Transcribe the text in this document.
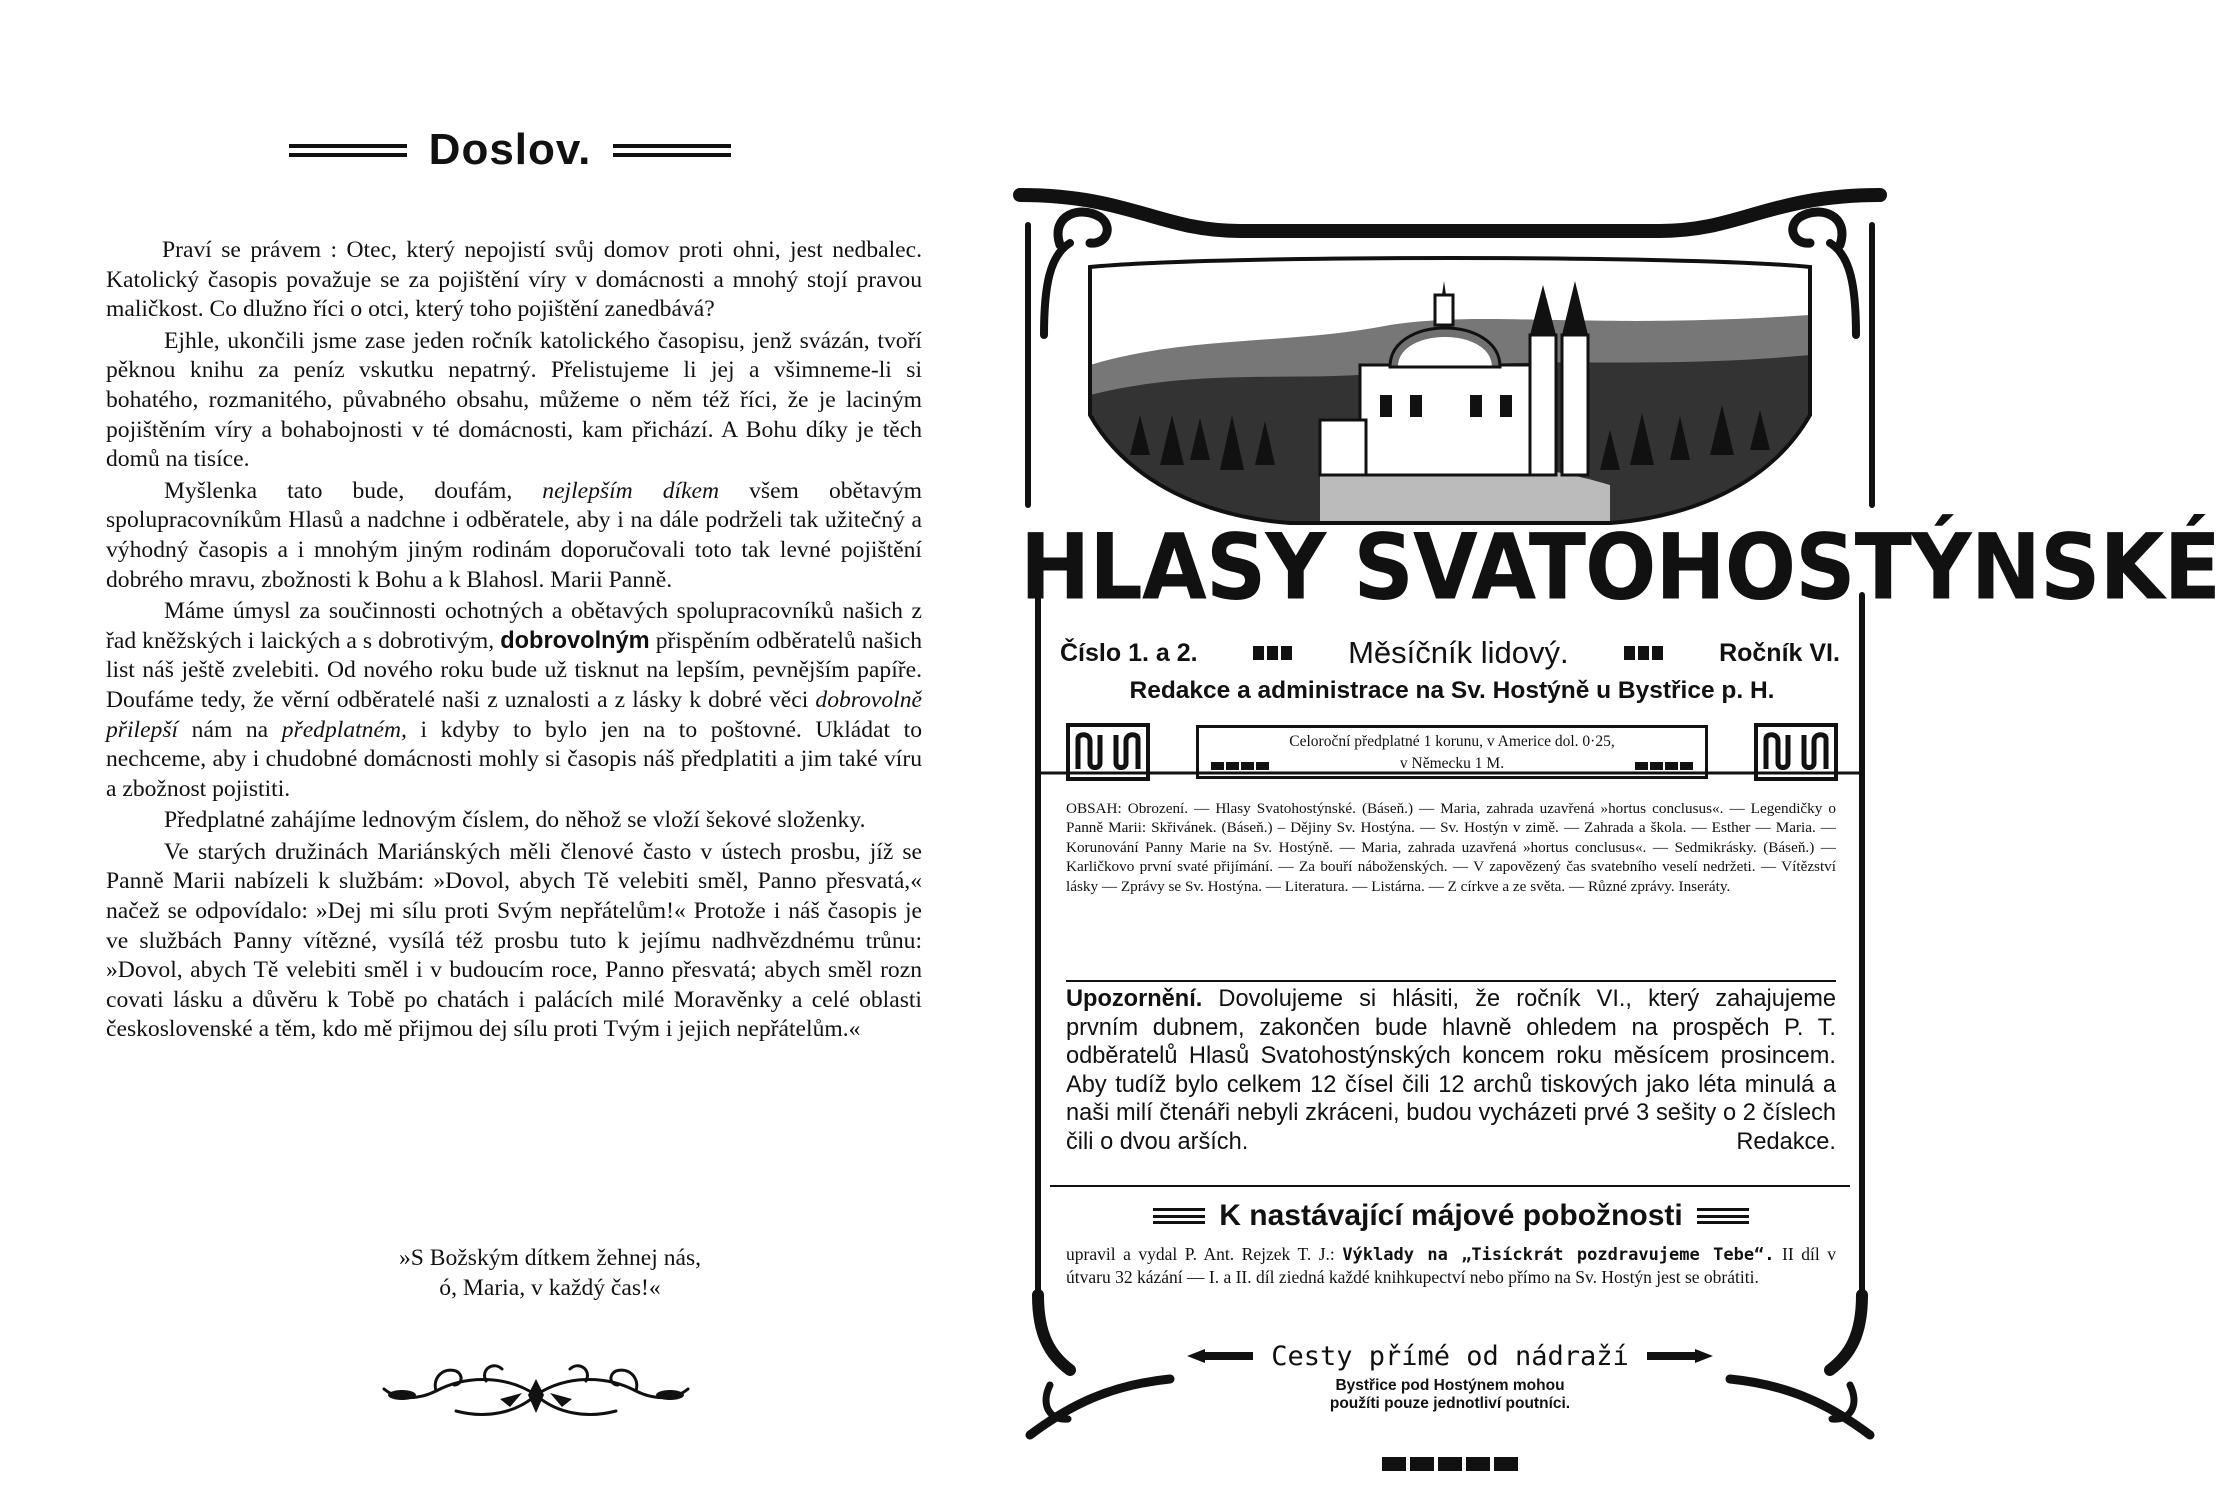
Doslov.

Praví se právem : Otec, který nepojistí svůj domov proti ohni, jest nedbalec. Katolický časopis považuje se za pojištění víry v domácnosti a mnohý stojí pravou maličkost. Co dlužno říci o otci, který toho pojištění zanedbává?

Ejhle, ukončili jsme zase jeden ročník katolického časopisu, jenž svázán, tvoří pěknou knihu za peníz vskutku nepatrný. Přelistujeme li jej a všimneme-li si bohatého, rozmanitého, půvabného obsahu, můžeme o něm též říci, že je laciným pojištěním víry a bohabojnosti v té domácnosti, kam přichází. A Bohu díky je těch domů na tisíce.

Myšlenka tato bude, doufám, nejlepším díkem všem obětavým spolupracovníkům Hlasů a nadchne i odběratele, aby i na dále podrželi tak užitečný a výhodný časopis a i mnohým jiným rodinám doporučovali toto tak levné pojištění dobrého mravu, zbožnosti k Bohu a k Blahosl. Marii Panně.

Máme úmysl za součinnosti ochotných a obětavých spolupracovníků našich z řad kněžských i laických a s dobrotivým, dobrovolným přispěním odběratelů našich list náš ještě zvelebiti. Od nového roku bude už tisknut na lepším, pevnějším papíře. Doufáme tedy, že věrní odběratelé naši z uznalosti a z lásky k dobré věci dobrovolně přilepší nám na předplatném, i kdyby to bylo jen na to poštovné. Ukládat to nechceme, aby i chudobné domácnosti mohly si časopis náš předplatiti a jim také víru a zbožnost pojistiti.

Předplatné zahájíme lednovým číslem, do něhož se vloží šekové složenky.

Ve starých družinách Mariánských měli členové často v ústech prosbu, jíž se Panně Marii nabízeli k službám: »Dovol, abych Tě velebiti směl, Panno přesvatá,« načež se odpovídalo: »Dej mi sílu proti Svým nepřátelům!« Protože i náš časopis je ve službách Panny vítězné, vysílá též prosbu tuto k jejímu nadhvězdnému trůnu: »Dovol, abych Tě velebiti směl i v budoucím roce, Panno přesvatá; abych směl rozn covati lásku a důvěru k Tobě po chatách i palácích milé Moravěnky a celé oblasti československé a těm, kdo mě přijmou dej sílu proti Tvým i jejich nepřátelům.«

»S Božským dítkem žehnej nás,
ó, Maria, v každý čas!«
HLASY SVATOHOSTÝNSKÉ
Číslo 1. a 2.	Měsíčník lidový.	Ročník VI.
Redakce a administrace na Sv. Hostýně u Bystřice p. H.
Celoroční předplatné 1 korunu, v Americe dol. 0·25,
v Německu 1 M.
OBSAH: Obrození. — Hlasy Svatohostýnské. (Báseň.) — Maria, zahrada uzavřená »hortus conclusus«. — Legendičky o Panně Marii: Skřivánek. (Báseň.) – Dějiny Sv. Hostýna. — Sv. Hostýn v zimě. — Zahrada a škola. — Esther — Maria. — Korunování Panny Marie na Sv. Hostýně. — Maria, zahrada uzavřená »hortus conclusus«. — Sedmikrásky. (Báseň.) — Karličkovo první svaté přijímání. — Za bouří náboženských. — V zapovězený čas svatebního veselí nedržeti. — Vítězství lásky — Zprávy se Sv. Hostýna. — Literatura. — Listárna. — Z církve a ze světa. — Různé zprávy. Inseráty.
Upozornění. Dovolujeme si hlásiti, že ročník VI., který zahajujeme prvním dubnem, zakončen bude hlavně ohledem na prospěch P. T. odběratelů Hlasů Svatohostýnských koncem roku měsícem prosincem. Aby tudíž bylo celkem 12 čísel čili 12 archů tiskových jako léta minulá a naši milí čtenáři nebyli zkráceni, budou vycházeti prvé 3 sešity o 2 číslech čili o dvou arších.	Redakce.
K nastávající májové pobožnosti
upravil a vydal P. Ant. Rejzek T. J.: Výklady na „Tisíckrát pozdravujeme Tebe“. II díl v útvaru 32 kázání — I. a II. díl ziedná každé knihkupectví nebo přímo na Sv. Hostýn jest se obrátiti.
Cesty přímé od nádraží
Bystřice pod Hostýnem mohou
použíti pouze jednotliví poutníci.
